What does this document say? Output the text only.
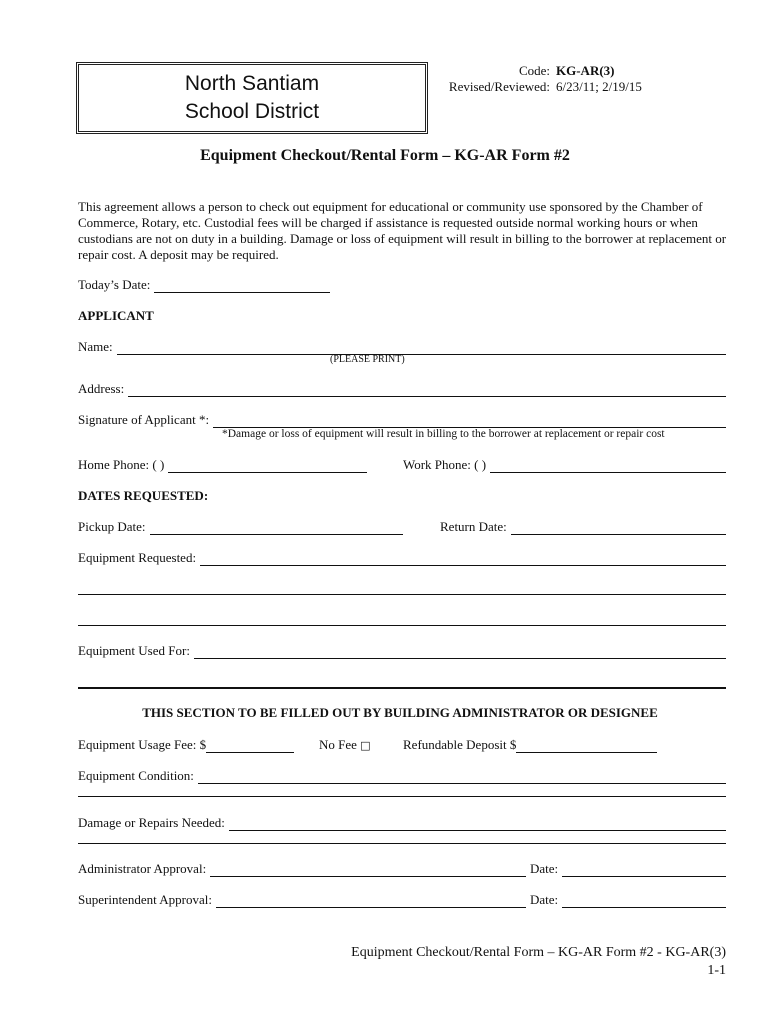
North Santiam
School District
Code: KG-AR(3)
Revised/Reviewed: 6/23/11; 2/19/15
Equipment Checkout/Rental Form – KG-AR Form #2
This agreement allows a person to check out equipment for educational or community use sponsored by the Chamber of Commerce, Rotary, etc. Custodial fees will be charged if assistance is requested outside normal working hours or when custodians are not on duty in a building. Damage or loss of equipment will result in billing to the borrower at replacement or repair cost. A deposit may be required.
Today’s Date:
APPLICANT
Name:
(PLEASE PRINT)
Address:
Signature of Applicant *:
*Damage or loss of equipment will result in billing to the borrower at replacement or repair cost
Home Phone: ( )	Work Phone: ( )
DATES REQUESTED:
Pickup Date:	Return Date:
Equipment Requested:
Equipment Used For:
THIS SECTION TO BE FILLED OUT BY BUILDING ADMINISTRATOR OR DESIGNEE
Equipment Usage Fee: $	No Fee □ Refundable Deposit $
Equipment Condition:
Damage or Repairs Needed:
Administrator Approval:	Date:
Superintendent Approval:	Date:
Equipment Checkout/Rental Form – KG-AR Form #2 - KG-AR(3)
1-1
